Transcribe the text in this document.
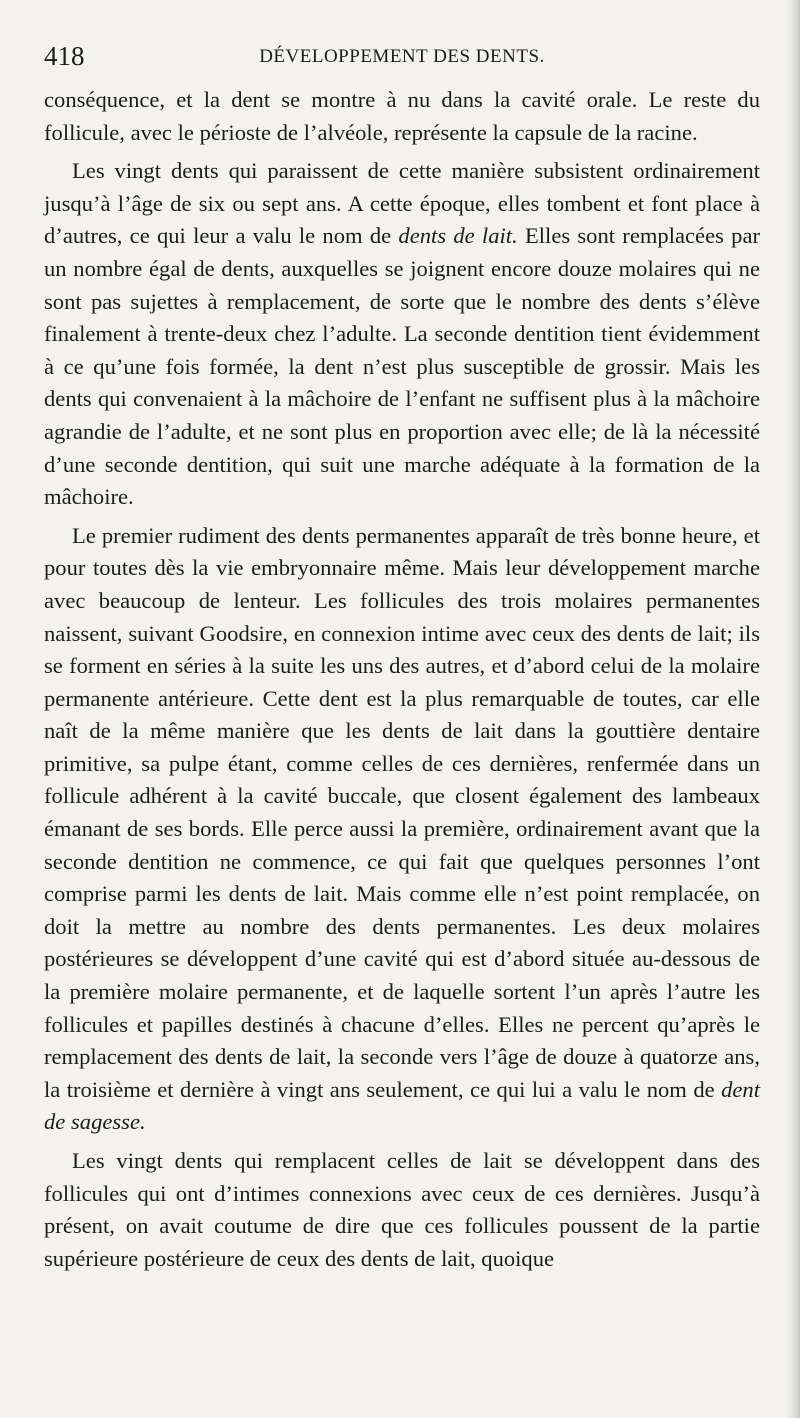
418	DÉVELOPPEMENT DES DENTS.

conséquence, et la dent se montre à nu dans la cavité orale. Le reste du follicule, avec le périoste de l’alvéole, représente la capsule de la racine.

Les vingt dents qui paraissent de cette manière subsistent ordinairement jusqu’à l’âge de six ou sept ans. A cette époque, elles tombent et font place à d’autres, ce qui leur a valu le nom de dents de lait. Elles sont remplacées par un nombre égal de dents, auxquelles se joignent encore douze molaires qui ne sont pas sujettes à remplacement, de sorte que le nombre des dents s’élève finalement à trente-deux chez l’adulte. La seconde dentition tient évidemment à ce qu’une fois formée, la dent n’est plus susceptible de grossir. Mais les dents qui convenaient à la mâchoire de l’enfant ne suffisent plus à la mâchoire agrandie de l’adulte, et ne sont plus en proportion avec elle; de là la nécessité d’une seconde dentition, qui suit une marche adéquate à la formation de la mâchoire.

Le premier rudiment des dents permanentes apparaît de très bonne heure, et pour toutes dès la vie embryonnaire même. Mais leur développement marche avec beaucoup de lenteur. Les follicules des trois molaires permanentes naissent, suivant Goodsire, en connexion intime avec ceux des dents de lait; ils se forment en séries à la suite les uns des autres, et d’abord celui de la molaire permanente antérieure. Cette dent est la plus remarquable de toutes, car elle naît de la même manière que les dents de lait dans la gouttière dentaire primitive, sa pulpe étant, comme celles de ces dernières, renfermée dans un follicule adhérent à la cavité buccale, que closent également des lambeaux émanant de ses bords. Elle perce aussi la première, ordinairement avant que la seconde dentition ne commence, ce qui fait que quelques personnes l’ont comprise parmi les dents de lait. Mais comme elle n’est point remplacée, on doit la mettre au nombre des dents permanentes. Les deux molaires postérieures se développent d’une cavité qui est d’abord située au-dessous de la première molaire permanente, et de laquelle sortent l’un après l’autre les follicules et papilles destinés à chacune d’elles. Elles ne percent qu’après le remplacement des dents de lait, la seconde vers l’âge de douze à quatorze ans, la troisième et dernière à vingt ans seulement, ce qui lui a valu le nom de dent de sagesse.

Les vingt dents qui remplacent celles de lait se développent dans des follicules qui ont d’intimes connexions avec ceux de ces dernières. Jusqu’à présent, on avait coutume de dire que ces follicules poussent de la partie supérieure postérieure de ceux des dents de lait, quoique
